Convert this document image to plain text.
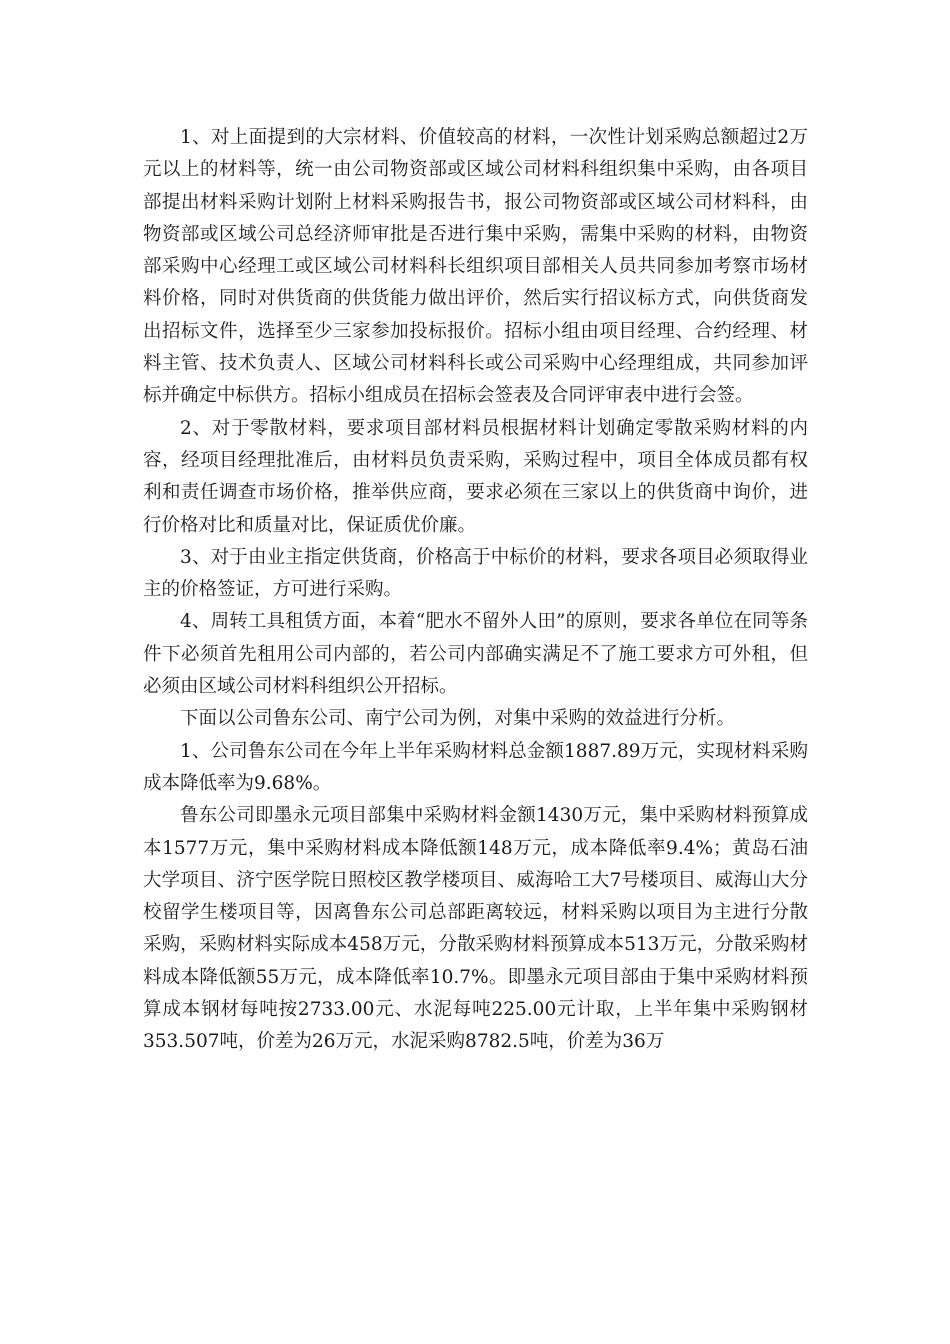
1、对上面提到的大宗材料、价值较高的材料，一次性计划采购总额超过2万元以上的材料等，统一由公司物资部或区域公司材料科组织集中采购，由各项目部提出材料采购计划附上材料采购报告书，报公司物资部或区域公司材料科，由物资部或区域公司总经济师审批是否进行集中采购，需集中采购的材料，由物资部采购中心经理工或区域公司材料科长组织项目部相关人员共同参加考察市场材料价格，同时对供货商的供货能力做出评价，然后实行招议标方式，向供货商发出招标文件，选择至少三家参加投标报价。招标小组由项目经理、合约经理、材料主管、技术负责人、区域公司材料科长或公司采购中心经理组成，共同参加评标并确定中标供方。招标小组成员在招标会签表及合同评审表中进行会签。

2、对于零散材料，要求项目部材料员根据材料计划确定零散采购材料的内容，经项目经理批准后，由材料员负责采购，采购过程中，项目全体成员都有权利和责任调查市场价格，推举供应商，要求必须在三家以上的供货商中询价，进行价格对比和质量对比，保证质优价廉。

3、对于由业主指定供货商，价格高于中标价的材料，要求各项目必须取得业主的价格签证，方可进行采购。

4、周转工具租赁方面，本着“肥水不留外人田”的原则，要求各单位在同等条件下必须首先租用公司内部的，若公司内部确实满足不了施工要求方可外租，但必须由区域公司材料科组织公开招标。

下面以公司鲁东公司、南宁公司为例，对集中采购的效益进行分析。

1、公司鲁东公司在今年上半年采购材料总金额1887.89万元，实现材料采购成本降低率为9.68%。

鲁东公司即墨永元项目部集中采购材料金额1430万元，集中采购材料预算成本1577万元，集中采购材料成本降低额148万元，成本降低率9.4%；黄岛石油大学项目、济宁医学院日照校区教学楼项目、威海哈工大7号楼项目、威海山大分校留学生楼项目等，因离鲁东公司总部距离较远，材料采购以项目为主进行分散采购，采购材料实际成本458万元，分散采购材料预算成本513万元，分散采购材料成本降低额55万元，成本降低率10.7%。即墨永元项目部由于集中采购材料预算成本钢材每吨按2733.00元、水泥每吨225.00元计取，上半年集中采购钢材353.507吨，价差为26万元，水泥采购8782.5吨，价差为36万
